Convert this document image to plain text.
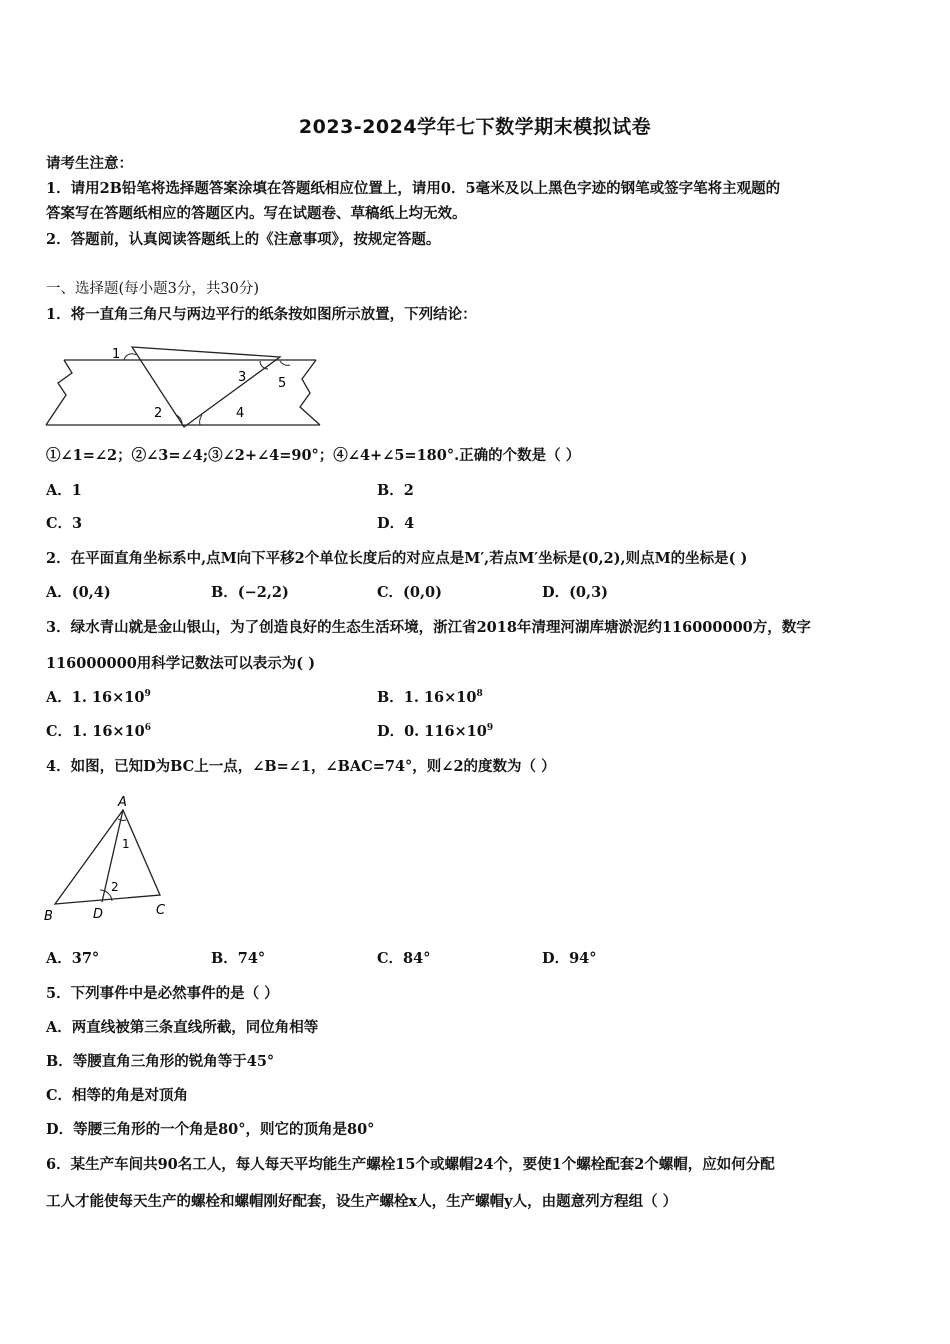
2023-2024学年七下数学期末模拟试卷
请考生注意：
1．请用2B铅笔将选择题答案涂填在答题纸相应位置上，请用0．5毫米及以上黑色字迹的钢笔或签字笔将主观题的
答案写在答题纸相应的答题区内。写在试题卷、草稿纸上均无效。
2．答题前，认真阅读答题纸上的《注意事项》，按规定答题。
一、选择题(每小题3分，共30分)
1．将一直角三角尺与两边平行的纸条按如图所示放置，下列结论：
1
2
3
4
5
①∠1=∠2；②∠3=∠4;③∠2+∠4=90°；④∠4+∠5=180°.正确的个数是（ ）
A．1	B．2
C．3	D．4
2．在平面直角坐标系中,点M向下平移2个单位长度后的对应点是M′,若点M′坐标是(0,2),则点M的坐标是( )
A．(0,4)	B．(−2,2)	C．(0,0)	D．(0,3)
3．绿水青山就是金山银山，为了创造良好的生态生活环境，浙江省2018年清理河湖库塘淤泥约116000000方，数字
116000000用科学记数法可以表示为( )
A．1. $16\times 10^9$	B．1. $16\times 10^8$
C．1. $16\times 10^6$	D．0. $116\times 10^9$
4．如图，已知D为BC上一点，∠B=∠1，∠BAC=74°，则∠2的度数为（ ）
A
B	C
D
1
2
A．37°	B．74°	C．84°	D．94°
5．下列事件中是必然事件的是（ ）
A．两直线被第三条直线所截，同位角相等
B．等腰直角三角形的锐角等于45°
C．相等的角是对顶角
D．等腰三角形的一个角是80°，则它的顶角是80°
6．某生产车间共90名工人，每人每天平均能生产螺栓15个或螺帽24个，要使1个螺栓配套2个螺帽，应如何分配
工人才能使每天生产的螺栓和螺帽刚好配套，设生产螺栓x人，生产螺帽y人，由题意列方程组（ ）
